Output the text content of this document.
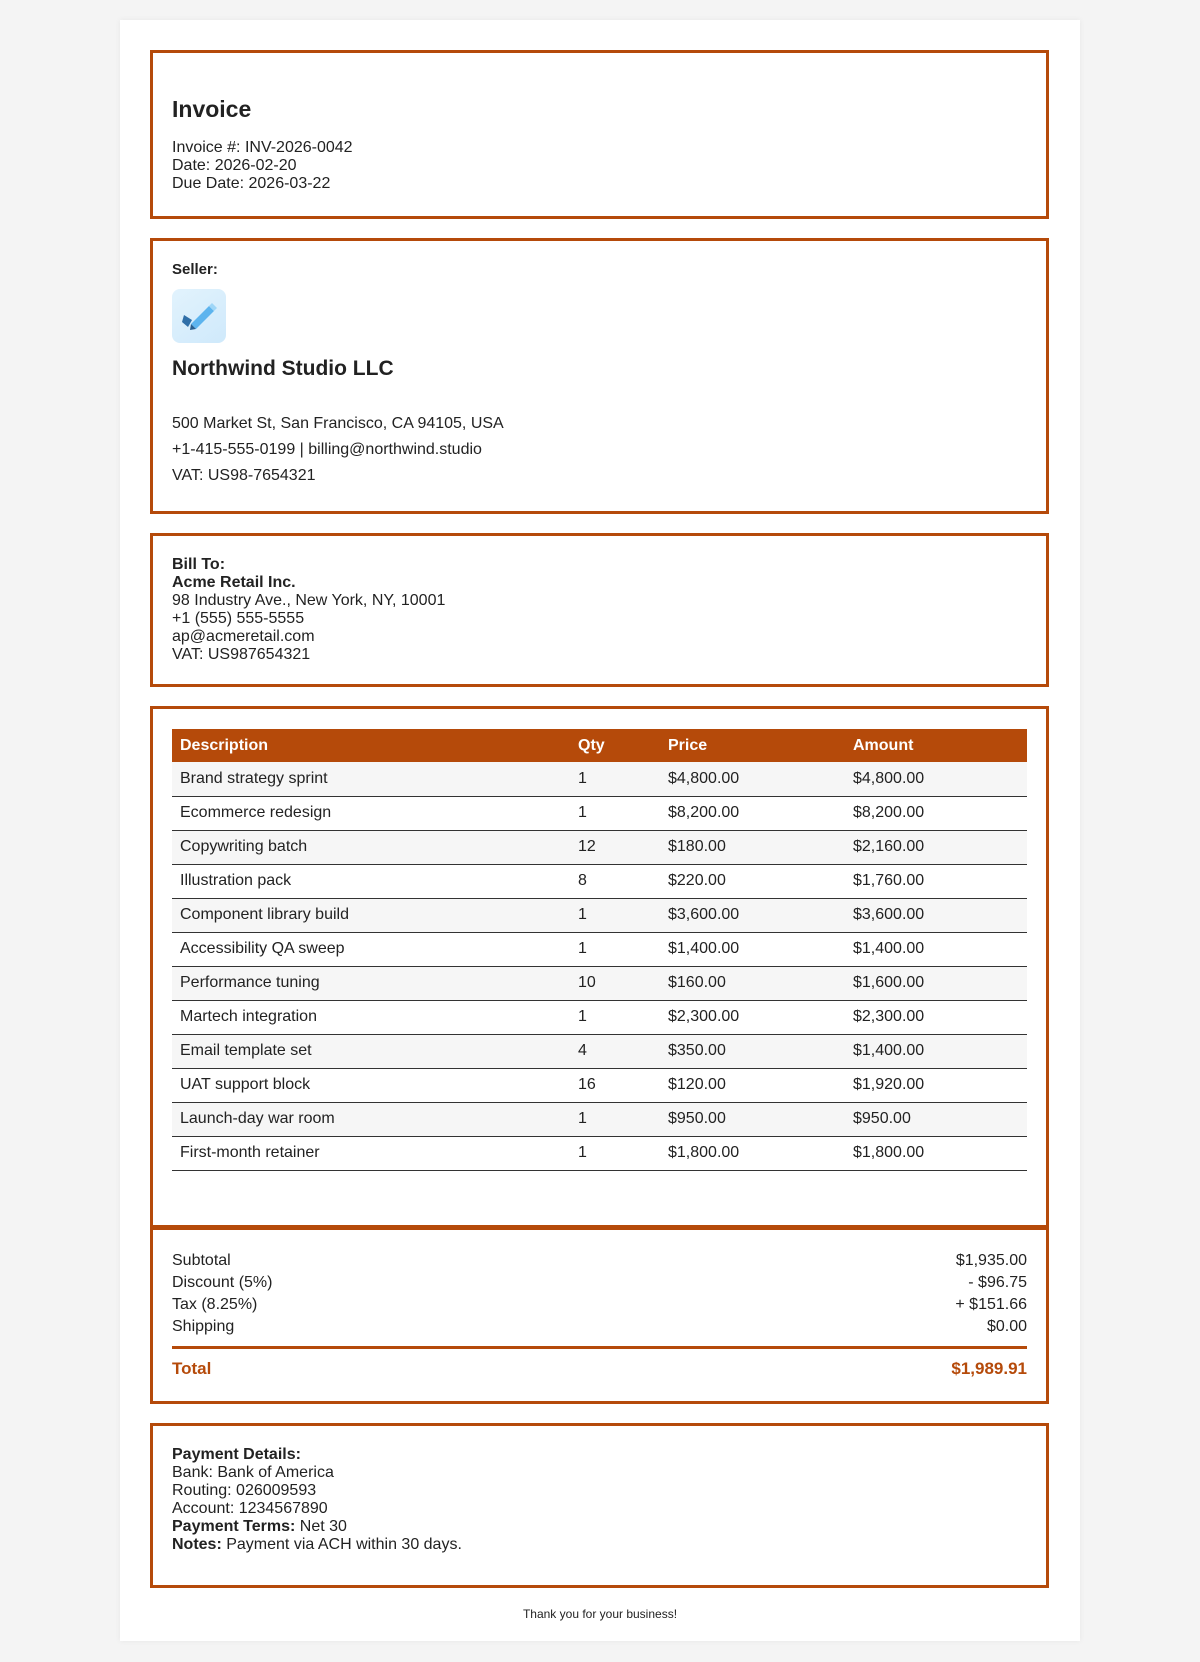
Invoice
Invoice #: INV-2026-0042
Date: 2026-02-20
Due Date: 2026-03-22
Seller:
Northwind Studio LLC
500 Market St, San Francisco, CA 94105, USA
+1-415-555-0199 | billing@northwind.studio
VAT: US98-7654321
Bill To:
Acme Retail Inc.
98 Industry Ave., New York, NY, 10001
+1 (555) 555-5555
ap@acmeretail.com
VAT: US987654321
Description	Qty	Price	Amount
Brand strategy sprint	1	$4,800.00	$4,800.00
Ecommerce redesign	1	$8,200.00	$8,200.00
Copywriting batch	12	$180.00	$2,160.00
Illustration pack	8	$220.00	$1,760.00
Component library build	1	$3,600.00	$3,600.00
Accessibility QA sweep	1	$1,400.00	$1,400.00
Performance tuning	10	$160.00	$1,600.00
Martech integration	1	$2,300.00	$2,300.00
Email template set	4	$350.00	$1,400.00
UAT support block	16	$120.00	$1,920.00
Launch-day war room	1	$950.00	$950.00
First-month retainer	1	$1,800.00	$1,800.00
Subtotal	$1,935.00
Discount (5%)	- $96.75
Tax (8.25%)	+ $151.66
Shipping	$0.00
Total	$1,989.91
Payment Details:
Bank: Bank of America
Routing: 026009593
Account: 1234567890
Payment Terms: Net 30
Notes: Payment via ACH within 30 days.
Thank you for your business!
